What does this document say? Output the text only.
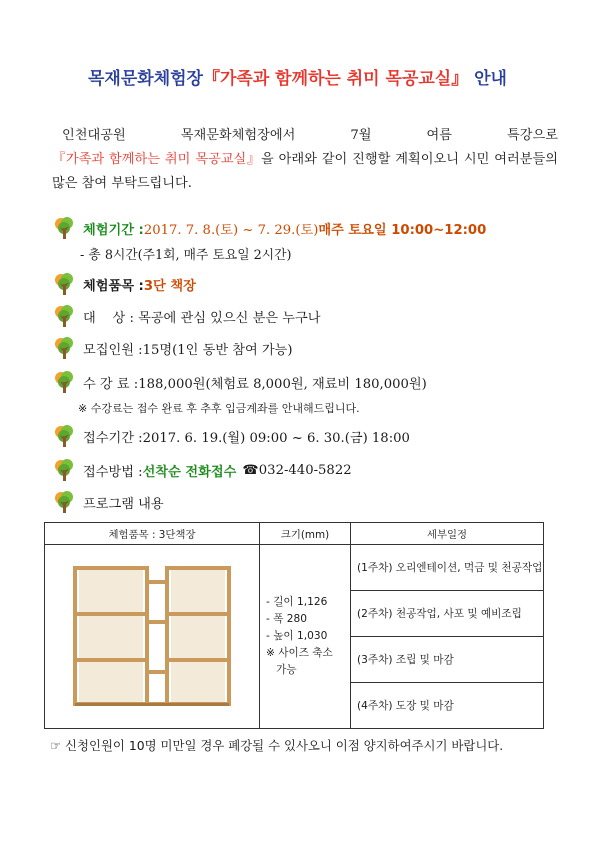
목재문화체험장『가족과 함께하는 취미 목공교실』 안내
인천대공원 목재문화체험장에서 7월 여름 특강으로 『가족과 함께하는 취미 목공교실』을 아래와 같이 진행할 계획이오니 시민 여러분들의 많은 참여 부탁드립니다.
체험기간 : 2017. 7. 8.(토) ~ 7. 29.(토) 매주 토요일 10:00~12:00
- 총 8시간(주1회, 매주 토요일 2시간)
체험품목 : 3단 책장
대    상 : 목공에 관심 있으신 분은 누구나
모집인원 : 15명(1인 동반 참여 가능)
수 강 료 : 188,000원(체험료 8,000원, 재료비 180,000원)
※ 수강료는 접수 완료 후 추후 입금계좌를 안내해드립니다.
접수기간 : 2017. 6. 19.(월) 09:00 ~ 6. 30.(금) 18:00
접수방법 : 선착순 전화접수 ☎032-440-5822
프로그램 내용
체험품목 : 3단책장	크기(mm)	세부일정

- 길이 1,126
- 폭 280
- 높이 1,030
※ 사이즈 축소
가능	(1주차) 오리엔테이션, 먹금 및 천공작업
		(2주차) 천공작업, 사포 및 예비조립
		(3주차) 조립 및 마감
		(4주차) 도장 및 마감
☞ 신청인원이 10명 미만일 경우 폐강될 수 있사오니 이점 양지하여주시기 바랍니다.
